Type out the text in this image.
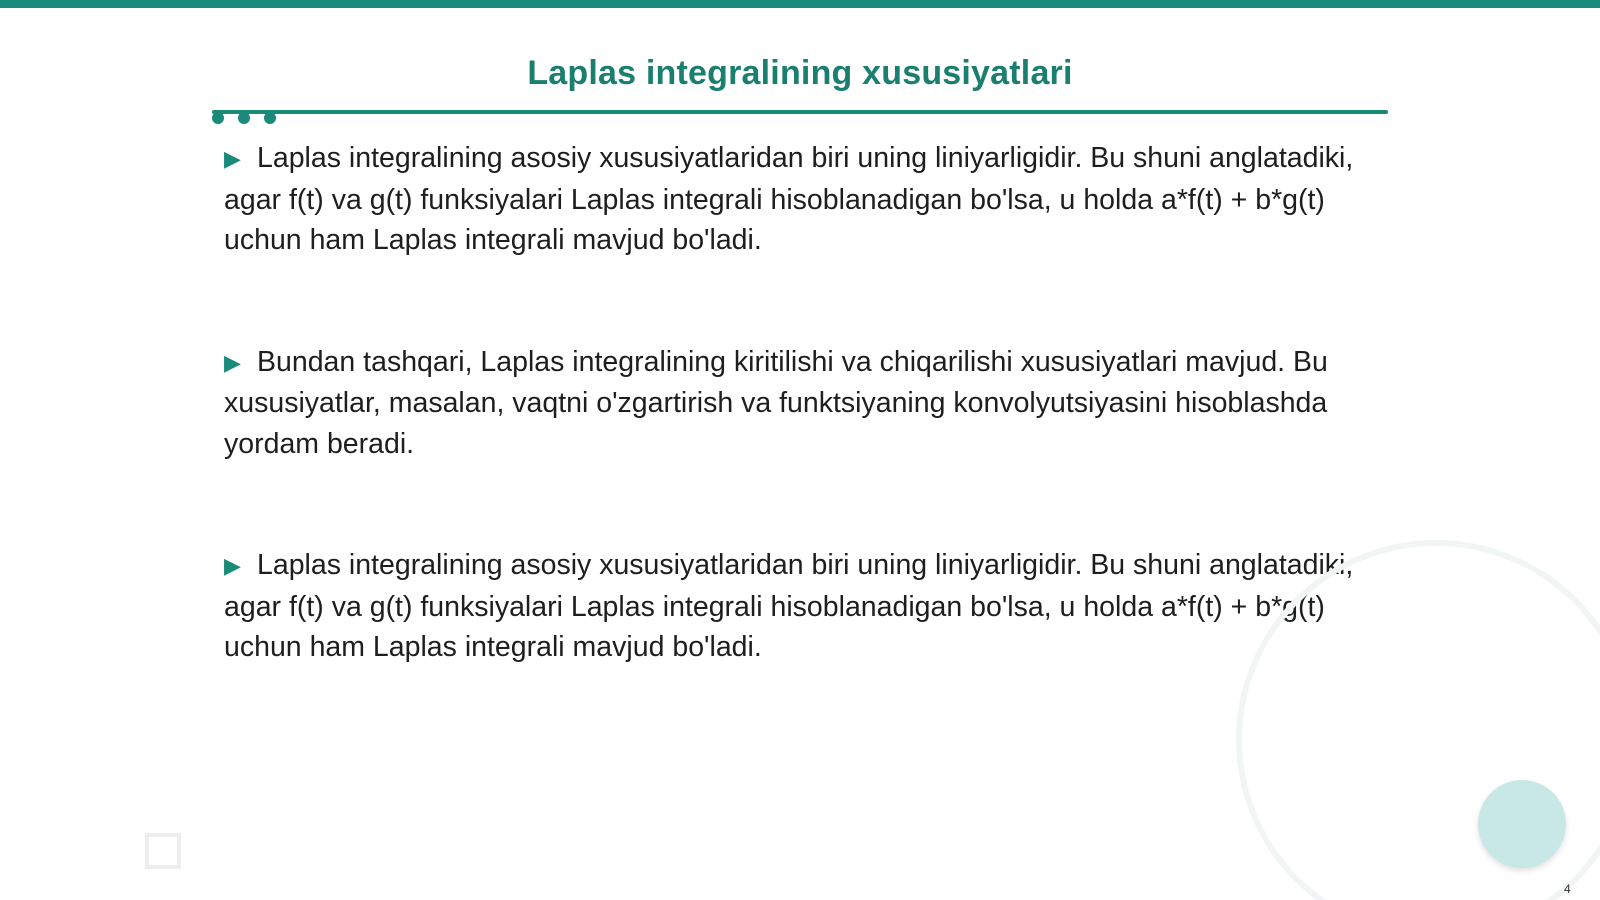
Laplas integralining xususiyatlari

▶ Laplas integralining asosiy xususiyatlaridan biri uning liniyarligidir. Bu shuni anglatadiki, agar f(t) va g(t) funksiyalari Laplas integrali hisoblanadigan bo'lsa, u holda a*f(t) + b*g(t) uchun ham Laplas integrali mavjud bo'ladi.

▶ Bundan tashqari, Laplas integralining kiritilishi va chiqarilishi xususiyatlari mavjud. Bu xususiyatlar, masalan, vaqtni o'zgartirish va funktsiyaning konvolyutsiyasini hisoblashda yordam beradi.

▶ Laplas integralining asosiy xususiyatlaridan biri uning liniyarligidir. Bu shuni anglatadiki, agar f(t) va g(t) funksiyalari Laplas integrali hisoblanadigan bo'lsa, u holda a*f(t) + b*g(t) uchun ham Laplas integrali mavjud bo'ladi.

4
